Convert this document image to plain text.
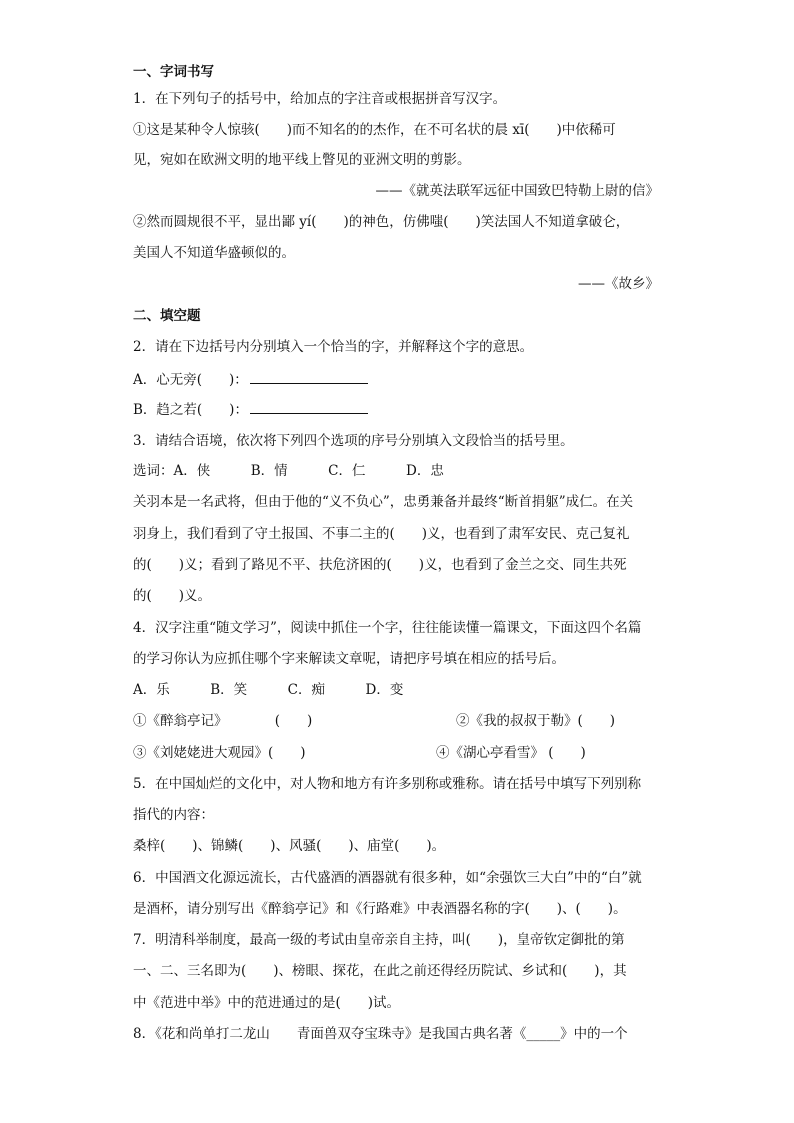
一、字词书写
1．在下列句子的括号中，给加点的字注音或根据拼音写汉字。
①这是某种令人惊骇(　　)而不知名的的杰作，在不可名状的晨 xī(　　)中依稀可
见，宛如在欧洲文明的地平线上瞥见的亚洲文明的剪影。
——《就英法联军远征中国致巴特勒上尉的信》
②然而圆规很不平，显出鄙 yí(　　)的神色，仿佛嗤(　　)笑法国人不知道拿破仑，
美国人不知道华盛顿似的。
——《故乡》
二、填空题
2．请在下边括号内分别填入一个恰当的字，并解释这个字的意思。
A．心无旁(　　)：
B．趋之若(　　)：
3．请结合语境，依次将下列四个选项的序号分别填入文段恰当的括号里。
选词：A．侠　　　B．情　　　C．仁　　　D．忠
关羽本是一名武将，但由于他的“义不负心”，忠勇兼备并最终“断首捐躯”成仁。在关
羽身上，我们看到了守土报国、不事二主的(　　)义，也看到了肃军安民、克己复礼
的(　　)义；看到了路见不平、扶危济困的(　　)义，也看到了金兰之交、同生共死
的(　　)义。
4．汉字注重“随文学习”，阅读中抓住一个字，往往能读懂一篇课文，下面这四个名篇
的学习你认为应抓住哪个字来解读文章呢，请把序号填在相应的括号后。
A．乐　　　B．笑　　　C．痴　　　D．变
①《醉翁亭记》　　　　(　　)	②《我的叔叔于勒》(　　)
③《刘姥姥进大观园》(　　)	④《湖心亭看雪》 (　　)
5．在中国灿烂的文化中，对人物和地方有许多别称或雅称。请在括号中填写下列别称
指代的内容：
桑梓(　　)、锦鳞(　　)、风骚(　　)、庙堂(　　)。
6．中国酒文化源远流长，古代盛酒的酒器就有很多种，如“余强饮三大白”中的“白”就
是酒杯，请分别写出《醉翁亭记》和《行路难》中表酒器名称的字(　　)、(　　)。
7．明清科举制度，最高一级的考试由皇帝亲自主持，叫(　　)，皇帝钦定御批的第
一、二、三名即为(　　)、榜眼、探花，在此之前还得经历院试、乡试和(　　)，其
中《范进中举》中的范进通过的是(　　)试。
8．《花和尚单打二龙山　　青面兽双夺宝珠寺》是我国古典名著《_____》中的一个
